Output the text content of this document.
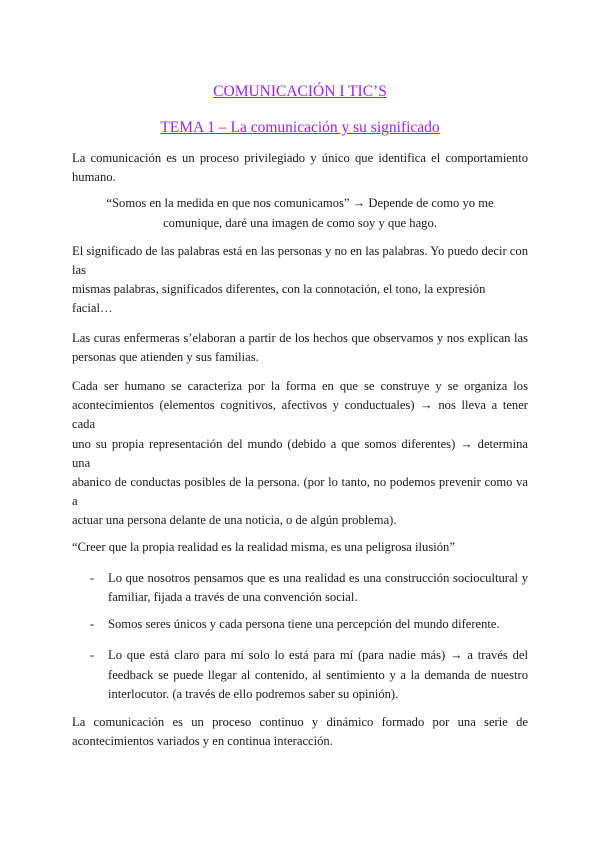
COMUNICACIÓN I TIC’S
TEMA 1 – La comunicación y su significado
La comunicación es un proceso privilegiado y único que identifica el comportamiento
humano.
“Somos en la medida en que nos comunicamos” → Depende de como yo me
comunique, daré una imagen de como soy y que hago.
El significado de las palabras está en las personas y no en las palabras. Yo puedo decir con las
mismas palabras, significados diferentes, con la connotación, el tono, la expresión facial…
Las curas enfermeras s’elaboran a partir de los hechos que observamos y nos explican las
personas que atienden y sus familias.
Cada ser humano se caracteriza por la forma en que se construye y se organiza los
acontecimientos (elementos cognitivos, afectivos y conductuales) → nos lleva a tener cada
uno su propia representación del mundo (debido a que somos diferentes) → determina una
abanico de conductas posibles de la persona. (por lo tanto, no podemos prevenir como va a
actuar una persona delante de una noticia, o de algún problema).
“Creer que la propia realidad es la realidad misma, es una peligrosa ilusión”
-	Lo que nosotros pensamos que es una realidad es una construcción sociocultural y
familiar, fijada a través de una convención social.
-	Somos seres únicos y cada persona tiene una percepción del mundo diferente.
-	Lo que está claro para mí solo lo está para mí (para nadie más) → a través del
feedback se puede llegar al contenido, al sentimiento y a la demanda de nuestro
interlocutor. (a través de ello podremos saber su opinión).
La comunicación es un proceso continuo y dinámico formado por una serie de
acontecimientos variados y en continua interacción.
